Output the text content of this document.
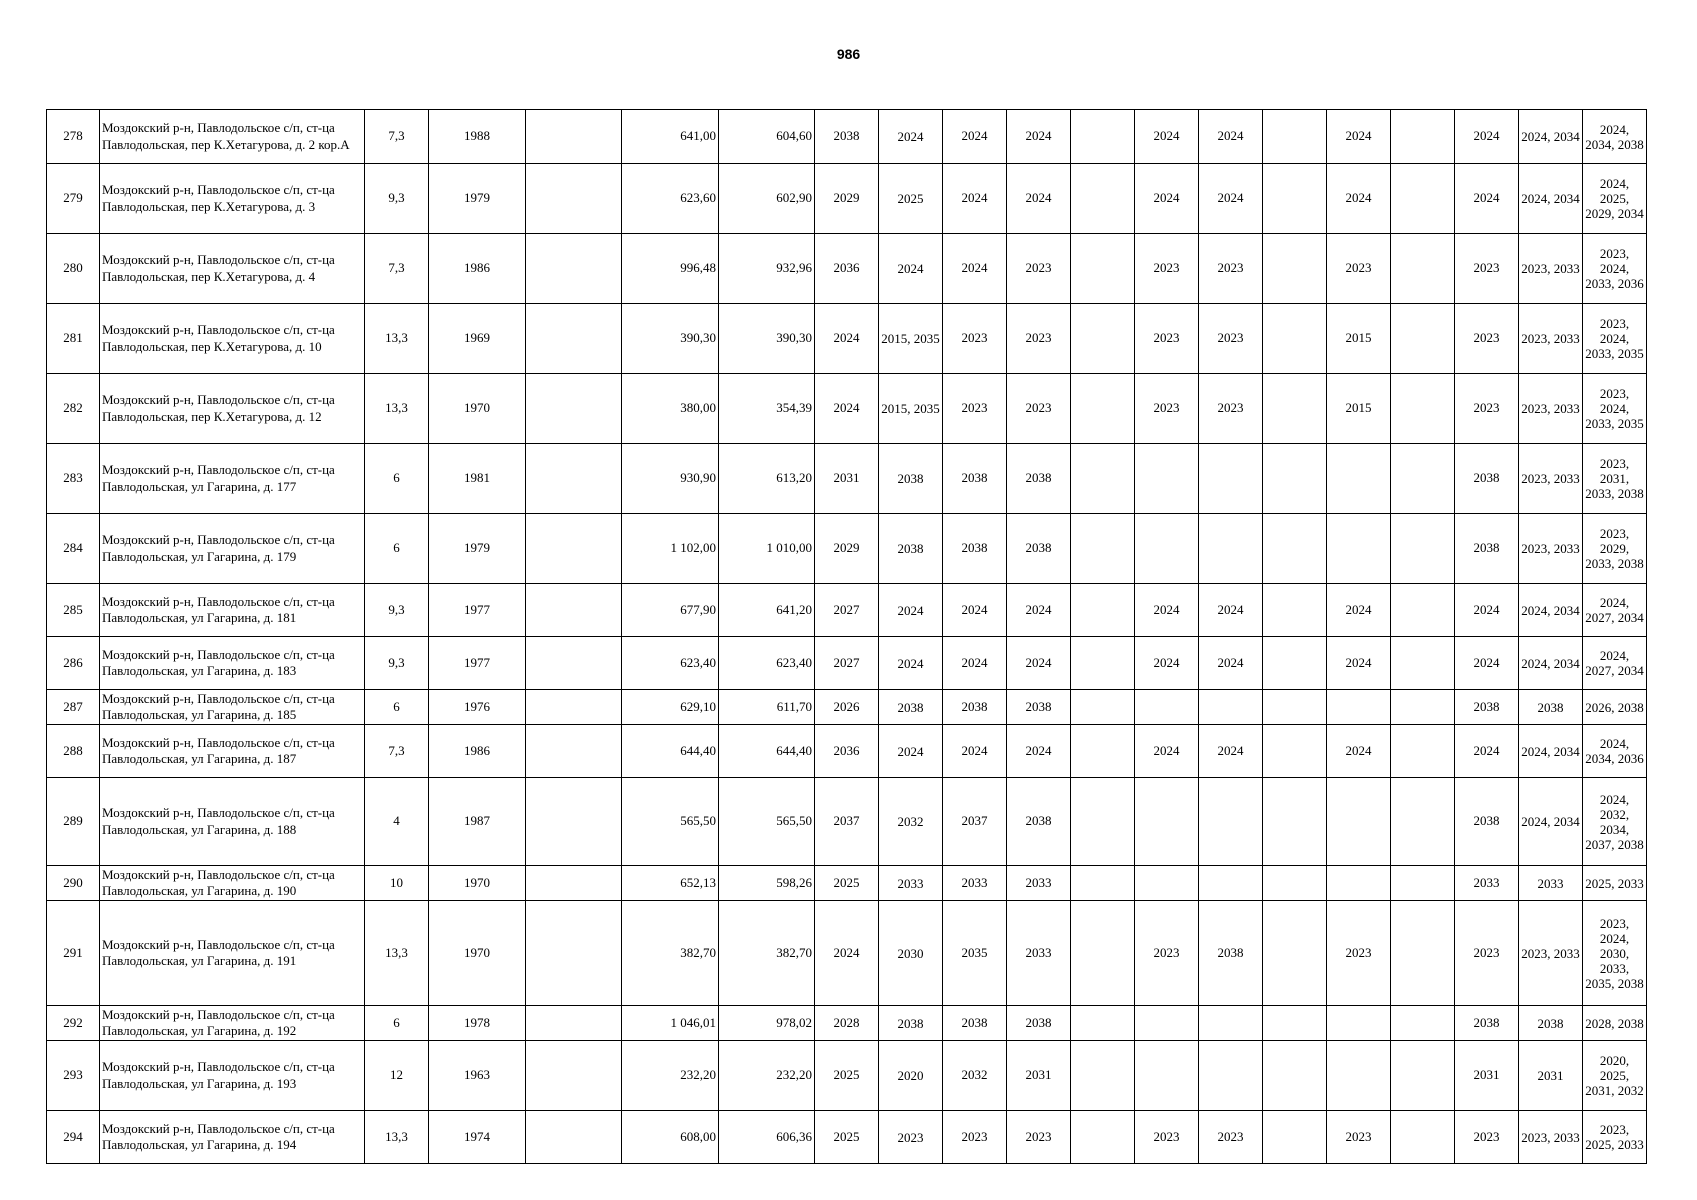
986
278	Моздокский р-н, Павлодольское с/п, ст-ца Павлодольская, пер К.Хетагурова, д. 2 кор.А	7,3	1988		641,00	604,60	2038	2024	2024	2024		2024	2024		2024		2024	2024, 2034	2024, 2034, 2038
279	Моздокский р-н, Павлодольское с/п, ст-ца Павлодольская, пер К.Хетагурова, д. 3	9,3	1979		623,60	602,90	2029	2025	2024	2024		2024	2024		2024		2024	2024, 2034	2024, 2025, 2029, 2034
280	Моздокский р-н, Павлодольское с/п, ст-ца Павлодольская, пер К.Хетагурова, д. 4	7,3	1986		996,48	932,96	2036	2024	2024	2023		2023	2023		2023		2023	2023, 2033	2023, 2024, 2033, 2036
281	Моздокский р-н, Павлодольское с/п, ст-ца Павлодольская, пер К.Хетагурова, д. 10	13,3	1969		390,30	390,30	2024	2015, 2035	2023	2023		2023	2023		2015		2023	2023, 2033	2023, 2024, 2033, 2035
282	Моздокский р-н, Павлодольское с/п, ст-ца Павлодольская, пер К.Хетагурова, д. 12	13,3	1970		380,00	354,39	2024	2015, 2035	2023	2023		2023	2023		2015		2023	2023, 2033	2023, 2024, 2033, 2035
283	Моздокский р-н, Павлодольское с/п, ст-ца Павлодольская, ул Гагарина, д. 177	6	1981		930,90	613,20	2031	2038	2038	2038							2038	2023, 2033	2023, 2031, 2033, 2038
284	Моздокский р-н, Павлодольское с/п, ст-ца Павлодольская, ул Гагарина, д. 179	6	1979		1 102,00	1 010,00	2029	2038	2038	2038							2038	2023, 2033	2023, 2029, 2033, 2038
285	Моздокский р-н, Павлодольское с/п, ст-ца Павлодольская, ул Гагарина, д. 181	9,3	1977		677,90	641,20	2027	2024	2024	2024		2024	2024		2024		2024	2024, 2034	2024, 2027, 2034
286	Моздокский р-н, Павлодольское с/п, ст-ца Павлодольская, ул Гагарина, д. 183	9,3	1977		623,40	623,40	2027	2024	2024	2024		2024	2024		2024		2024	2024, 2034	2024, 2027, 2034
287	Моздокский р-н, Павлодольское с/п, ст-ца Павлодольская, ул Гагарина, д. 185	6	1976		629,10	611,70	2026	2038	2038	2038							2038	2038	2026, 2038
288	Моздокский р-н, Павлодольское с/п, ст-ца Павлодольская, ул Гагарина, д. 187	7,3	1986		644,40	644,40	2036	2024	2024	2024		2024	2024		2024		2024	2024, 2034	2024, 2034, 2036
289	Моздокский р-н, Павлодольское с/п, ст-ца Павлодольская, ул Гагарина, д. 188	4	1987		565,50	565,50	2037	2032	2037	2038							2038	2024, 2034	2024, 2032, 2034, 2037, 2038
290	Моздокский р-н, Павлодольское с/п, ст-ца Павлодольская, ул Гагарина, д. 190	10	1970		652,13	598,26	2025	2033	2033	2033							2033	2033	2025, 2033
291	Моздокский р-н, Павлодольское с/п, ст-ца Павлодольская, ул Гагарина, д. 191	13,3	1970		382,70	382,70	2024	2030	2035	2033		2023	2038		2023		2023	2023, 2033	2023, 2024, 2030, 2033, 2035, 2038
292	Моздокский р-н, Павлодольское с/п, ст-ца Павлодольская, ул Гагарина, д. 192	6	1978		1 046,01	978,02	2028	2038	2038	2038							2038	2038	2028, 2038
293	Моздокский р-н, Павлодольское с/п, ст-ца Павлодольская, ул Гагарина, д. 193	12	1963		232,20	232,20	2025	2020	2032	2031							2031	2031	2020, 2025, 2031, 2032
294	Моздокский р-н, Павлодольское с/п, ст-ца Павлодольская, ул Гагарина, д. 194	13,3	1974		608,00	606,36	2025	2023	2023	2023		2023	2023		2023		2023	2023, 2033	2023, 2025, 2033
